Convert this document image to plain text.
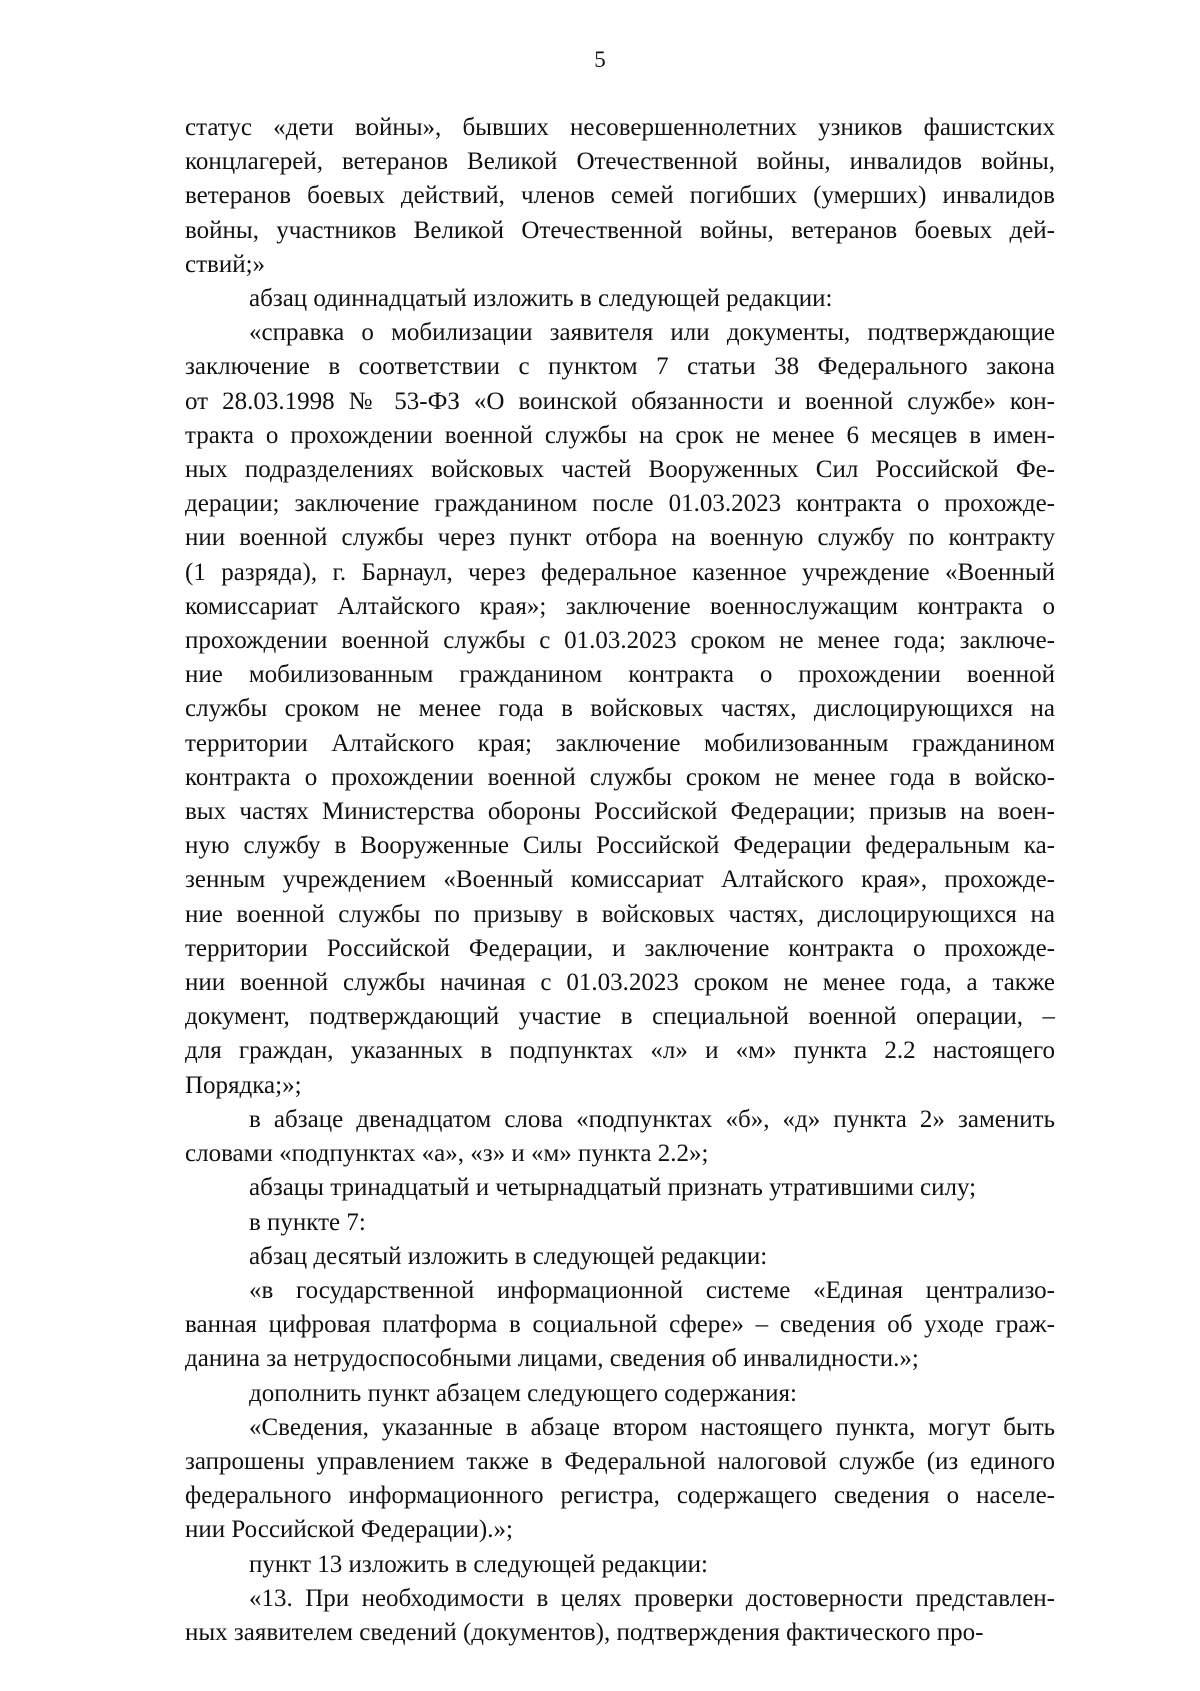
5
статус «дети войны», бывших несовершеннолетних узников фашистских
концлагерей, ветеранов Великой Отечественной войны, инвалидов войны,
ветеранов боевых действий, членов семей погибших (умерших) инвалидов
войны, участников Великой Отечественной войны, ветеранов боевых дей-
ствий;»
абзац одиннадцатый изложить в следующей редакции:
«справка о мобилизации заявителя или документы, подтверждающие
заключение в соответствии с пунктом 7 статьи 38 Федерального закона
от 28.03.1998 № 53-ФЗ «О воинской обязанности и военной службе» кон-
тракта о прохождении военной службы на срок не менее 6 месяцев в имен-
ных подразделениях войсковых частей Вооруженных Сил Российской Фе-
дерации; заключение гражданином после 01.03.2023 контракта о прохожде-
нии военной службы через пункт отбора на военную службу по контракту
(1 разряда), г. Барнаул, через федеральное казенное учреждение «Военный
комиссариат Алтайского края»; заключение военнослужащим контракта о
прохождении военной службы с 01.03.2023 сроком не менее года; заключе-
ние мобилизованным гражданином контракта о прохождении военной
службы сроком не менее года в войсковых частях, дислоцирующихся на
территории Алтайского края; заключение мобилизованным гражданином
контракта о прохождении военной службы сроком не менее года в войско-
вых частях Министерства обороны Российской Федерации; призыв на воен-
ную службу в Вооруженные Силы Российской Федерации федеральным ка-
зенным учреждением «Военный комиссариат Алтайского края», прохожде-
ние военной службы по призыву в войсковых частях, дислоцирующихся на
территории Российской Федерации, и заключение контракта о прохожде-
нии военной службы начиная с 01.03.2023 сроком не менее года, а также
документ, подтверждающий участие в специальной военной операции, –
для граждан, указанных в подпунктах «л» и «м» пункта 2.2 настоящего
Порядка;»;
в абзаце двенадцатом слова «подпунктах «б», «д» пункта 2» заменить
словами «подпунктах «а», «з» и «м» пункта 2.2»;
абзацы тринадцатый и четырнадцатый признать утратившими силу;
в пункте 7:
абзац десятый изложить в следующей редакции:
«в государственной информационной системе «Единая централизо-
ванная цифровая платформа в социальной сфере» – сведения об уходе граж-
данина за нетрудоспособными лицами, сведения об инвалидности.»;
дополнить пункт абзацем следующего содержания:
«Сведения, указанные в абзаце втором настоящего пункта, могут быть
запрошены управлением также в Федеральной налоговой службе (из единого
федерального информационного регистра, содержащего сведения о населе-
нии Российской Федерации).»;
пункт 13 изложить в следующей редакции:
«13. При необходимости в целях проверки достоверности представлен-
ных заявителем сведений (документов), подтверждения фактического про-
